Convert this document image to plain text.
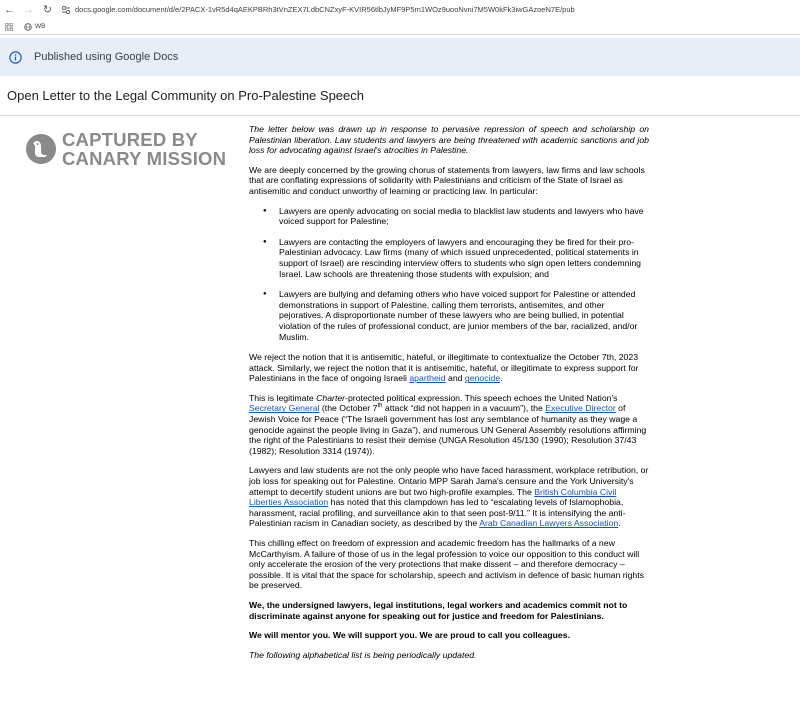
← → ↻	docs.google.com/document/d/e/2PACX-1vR5d4qAEKPBRh3tVnZEX7LdbCNZxyF-KVIR56tlbJyMF9P5m1WOz9uooNvni7M5W0kFk3iwGAzoeN7E/pub
WB
Published using Google Docs
Open Letter to the Legal Community on Pro-Palestine Speech
CAPTURED BY
CANARY MISSION

The letter below was drawn up in response to pervasive repression of speech and scholarship on Palestinian liberation. Law students and lawyers are being threatened with academic sanctions and job loss for advocating against Israel's atrocities in Palestine.

We are deeply concerned by the growing chorus of statements from lawyers, law firms and law schools that are conflating expressions of solidarity with Palestinians and criticism of the State of Israel as antisemitic and conduct unworthy of learning or practicing law. In particular:

● Lawyers are openly advocating on social media to blacklist law students and lawyers who have voiced support for Palestine;
● Lawyers are contacting the employers of lawyers and encouraging they be fired for their pro-Palestinian advocacy. Law firms (many of which issued unprecedented, political statements in support of Israel) are rescinding interview offers to students who sign open letters condemning Israel. Law schools are threatening those students with expulsion; and
● Lawyers are bullying and defaming others who have voiced support for Palestine or attended demonstrations in support of Palestine, calling them terrorists, antisemites, and other pejoratives. A disproportionate number of these lawyers who are being bullied, in potential violation of the rules of professional conduct, are junior members of the bar, racialized, and/or Muslim.

We reject the notion that it is antisemitic, hateful, or illegitimate to contextualize the October 7th, 2023 attack. Similarly, we reject the notion that it is antisemitic, hateful, or illegitimate to express support for Palestinians in the face of ongoing Israeli apartheid and genocide.

This is legitimate Charter-protected political expression. This speech echoes the United Nation's Secretary General (the October 7th attack “did not happen in a vacuum”), the Executive Director of Jewish Voice for Peace (“The Israeli government has lost any semblance of humanity as they wage a genocide against the people living in Gaza”), and numerous UN General Assembly resolutions affirming the right of the Palestinians to resist their demise (UNGA Resolution 45/130 (1990); Resolution 37/43 (1982); Resolution 3314 (1974)).

Lawyers and law students are not the only people who have faced harassment, workplace retribution, or job loss for speaking out for Palestine. Ontario MPP Sarah Jama's censure and the York University's attempt to decertify student unions are but two high-profile examples. The British Columbia Civil Liberties Association has noted that this clampdown has led to “escalating levels of Islamophobia, harassment, racial profiling, and surveillance akin to that seen post-9/11.” It is intensifying the anti-Palestinian racism in Canadian society, as described by the Arab Canadian Lawyers Association.

This chilling effect on freedom of expression and academic freedom has the hallmarks of a new McCarthyism. A failure of those of us in the legal profession to voice our opposition to this conduct will only accelerate the erosion of the very protections that make dissent – and therefore democracy – possible. It is vital that the space for scholarship, speech and activism in defence of basic human rights be preserved.

We, the undersigned lawyers, legal institutions, legal workers and academics commit not to discriminate against anyone for speaking out for justice and freedom for Palestinians.

We will mentor you. We will support you. We are proud to call you colleagues.

The following alphabetical list is being periodically updated.
